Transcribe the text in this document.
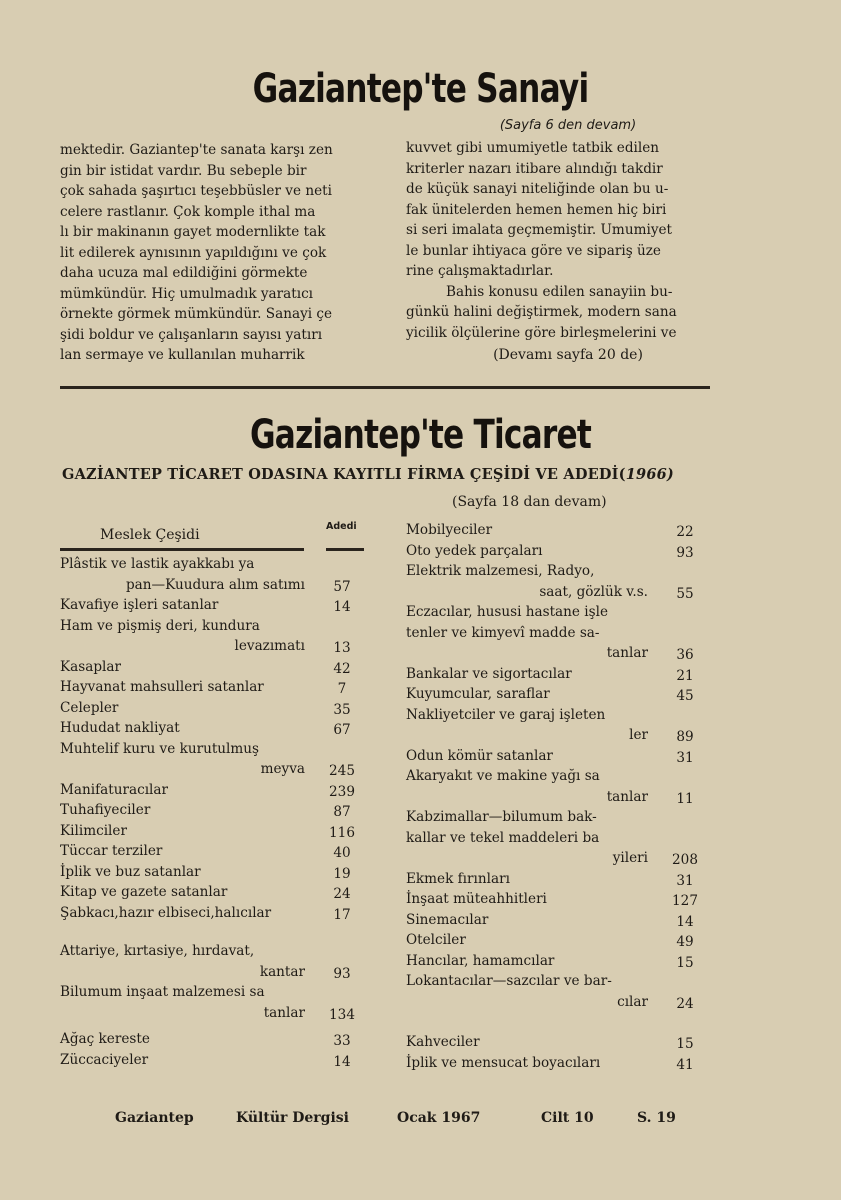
Gaziantep'te Sanayi

mektedir. Gaziantep'te sanata karşı zen

gin bir istidat vardır. Bu sebeple bir

çok sahada şaşırtıcı teşebbüsler ve neti

celere rastlanır. Çok komple ithal ma

lı bir makinanın gayet modernlikte tak

lit edilerek aynısının yapıldığını ve çok

daha ucuza mal edildiğini görmekte

mümkündür. Hiç umulmadık yaratıcı

örnekte görmek mümkündür. Sanayi çe

şidi boldur ve çalışanların sayısı yatırı

lan sermaye ve kullanılan muharrik

(Sayfa 6 den devam)

kuvvet gibi umumiyetle tatbik edilen

kriterler nazarı itibare alındığı takdir

de küçük sanayi niteliğinde olan bu u-

fak ünitelerden hemen hemen hiç biri

si seri imalata geçmemiştir. Umumiyet

le bunlar ihtiyaca göre ve sipariş üze

rine çalışmaktadırlar.

Bahis konusu edilen sanayiin bu-

günkü halini değiştirmek, modern sana

yicilik ölçülerine göre birleşmelerini ve

(Devamı sayfa 20 de)
Gaziantep'te Ticaret
GAZİANTEP TİCARET ODASINA KAYITLI FİRMA ÇEŞİDİ VE ADEDİ(1966)
(Sayfa 18 dan devam)
Meslek Çeşidi
Adedi
Plâstik ve lastik ayakkabı ya
pan—Kuudura alım satımı	57
Kavafiye işleri satanlar	14
Ham ve pişmiş deri, kundura
levazımatı	13
Kasaplar	42
Hayvanat mahsulleri satanlar	7
Celepler	35
Hududat nakliyat	67
Muhtelif kuru ve kurutulmuş
meyva	245
Manifaturacılar	239
Tuhafiyeciler	87
Kilimciler	116
Tüccar terziler	40
İplik ve buz satanlar	19
Kitap ve gazete satanlar	24
Şabkacı,hazır elbiseci,halıcılar	17
Attariye, kırtasiye, hırdavat,
kantar	93
Bilumum inşaat malzemesi sa
tanlar	134
Ağaç kereste	33
Züccaciyeler	14
Mobilyeciler	22
Oto yedek parçaları	93
Elektrik malzemesi, Radyo,
saat, gözlük v.s.	55
Eczacılar, hususi hastane işle
tenler ve kimyevî madde sa-
tanlar	36
Bankalar ve sigortacılar	21
Kuyumcular, saraflar	45
Nakliyetciler ve garaj işleten
ler	89
Odun kömür satanlar	31
Akaryakıt ve makine yağı sa
tanlar	11
Kabzimallar—bilumum bak-
kallar ve tekel maddeleri ba
yileri	208
Ekmek fırınları	31
İnşaat müteahhitleri	127
Sinemacılar	14
Otelciler	49
Hancılar, hamamcılar	15
Lokantacılar—sazcılar ve bar-
cılar	24
Kahveciler	15
İplik ve mensucat boyacıları	41
Gaziantep	Kültür Dergisi	Ocak 1967	Cilt 10	S. 19
